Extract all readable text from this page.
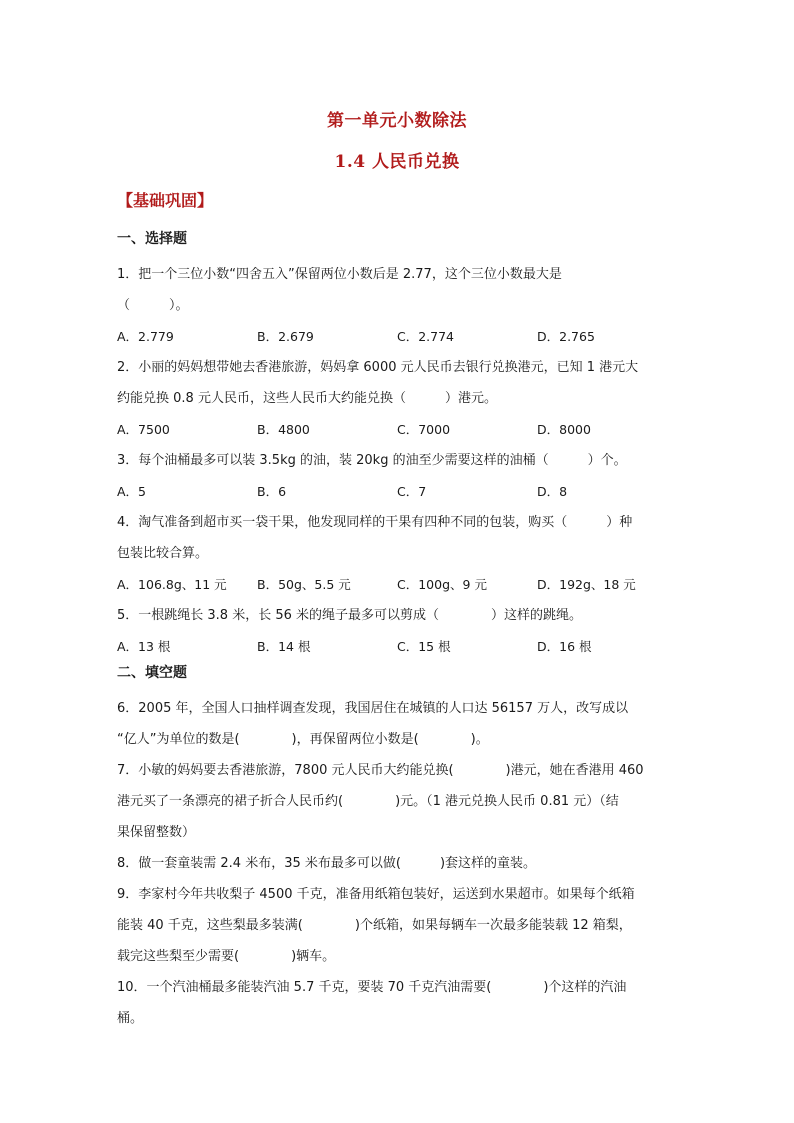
第一单元小数除法
1.4 人民币兑换
【基础巩固】
一、选择题
1．把一个三位小数“四舍五入”保留两位小数后是 2.77，这个三位小数最大是
（　　　）。
A．2.779	B．2.679	C．2.774	D．2.765
2．小丽的妈妈想带她去香港旅游，妈妈拿 6000 元人民币去银行兑换港元，已知 1 港元大
约能兑换 0.8 元人民币，这些人民币大约能兑换（　　　）港元。
A．7500	B．4800	C．7000	D．8000
3．每个油桶最多可以装 3.5kg 的油，装 20kg 的油至少需要这样的油桶（　　　）个。
A．5	B．6	C．7	D．8
4．淘气准备到超市买一袋干果，他发现同样的干果有四种不同的包装，购买（　　　）种
包装比较合算。
A．106.8g、11 元	B．50g、5.5 元	C．100g、9 元	D．192g、18 元
5．一根跳绳长 3.8 米，长 56 米的绳子最多可以剪成（　　　　）这样的跳绳。
A．13 根	B．14 根	C．15 根	D．16 根
二、填空题
6．2005 年，全国人口抽样调查发现，我国居住在城镇的人口达 56157 万人，改写成以
“亿人”为单位的数是(　　　　)，再保留两位小数是(　　　　)。
7．小敏的妈妈要去香港旅游，7800 元人民币大约能兑换(　　　　)港元，她在香港用 460
港元买了一条漂亮的裙子折合人民币约(　　　　)元。（1 港元兑换人民币 0.81 元）（结
果保留整数）
8．做一套童装需 2.4 米布，35 米布最多可以做(　　　)套这样的童装。
9．李家村今年共收梨子 4500 千克，准备用纸箱包装好，运送到水果超市。如果每个纸箱
能装 40 千克，这些梨最多装满(　　　　)个纸箱，如果每辆车一次最多能装载 12 箱梨，
载完这些梨至少需要(　　　　)辆车。
10．一个汽油桶最多能装汽油 5.7 千克，要装 70 千克汽油需要(　　　　)个这样的汽油
桶。
